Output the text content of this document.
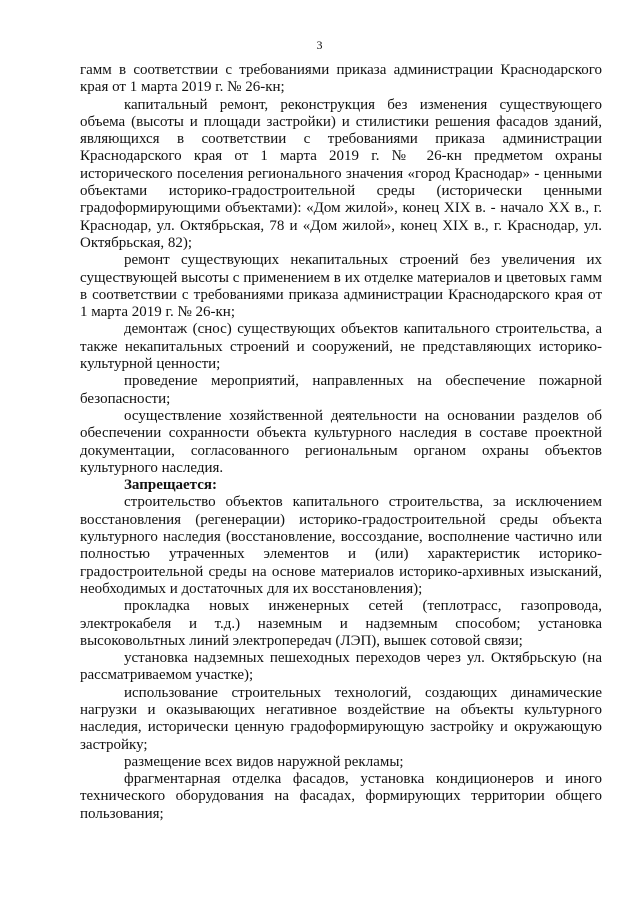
3

гамм в соответствии с требованиями приказа администрации Краснодарского края от 1 марта 2019 г. № 26-кн;

капитальный ремонт, реконструкция без изменения существующего объема (высоты и площади застройки) и стилистики решения фасадов зданий, являющихся в соответствии с требованиями приказа администрации Краснодарского края от 1 марта 2019 г. № 26-кн предметом охраны исторического поселения регионального значения «город Краснодар» - ценными объектами историко-градостроительной среды (исторически ценными градоформирующими объектами): «Дом жилой», конец XIX в. - начало XX в., г. Краснодар, ул. Октябрьская, 78 и «Дом жилой», конец XIX в., г. Краснодар, ул. Октябрьская, 82);

ремонт существующих некапитальных строений без увеличения их существующей высоты с применением в их отделке материалов и цветовых гамм в соответствии с требованиями приказа администрации Краснодарского края от 1 марта 2019 г. № 26-кн;

демонтаж (снос) существующих объектов капитального строительства, а также некапитальных строений и сооружений, не представляющих историко-культурной ценности;

проведение мероприятий, направленных на обеспечение пожарной безопасности;

осуществление хозяйственной деятельности на основании разделов об обеспечении сохранности объекта культурного наследия в составе проектной документации, согласованного региональным органом охраны объектов культурного наследия.

Запрещается:

строительство объектов капитального строительства, за исключением восстановления (регенерации) историко-градостроительной среды объекта культурного наследия (восстановление, воссоздание, восполнение частично или полностью утраченных элементов и (или) характеристик историко-градостроительной среды на основе материалов историко-архивных изысканий, необходимых и достаточных для их восстановления);

прокладка новых инженерных сетей (теплотрасс, газопровода, электрокабеля и т.д.) наземным и надземным способом; установка высоковольтных линий электропередач (ЛЭП), вышек сотовой связи;

установка надземных пешеходных переходов через ул. Октябрьскую (на рассматриваемом участке);

использование строительных технологий, создающих динамические нагрузки и оказывающих негативное воздействие на объекты культурного наследия, исторически ценную градоформирующую застройку и окружающую застройку;

размещение всех видов наружной рекламы;

фрагментарная отделка фасадов, установка кондиционеров и иного технического оборудования на фасадах, формирующих территории общего пользования;
